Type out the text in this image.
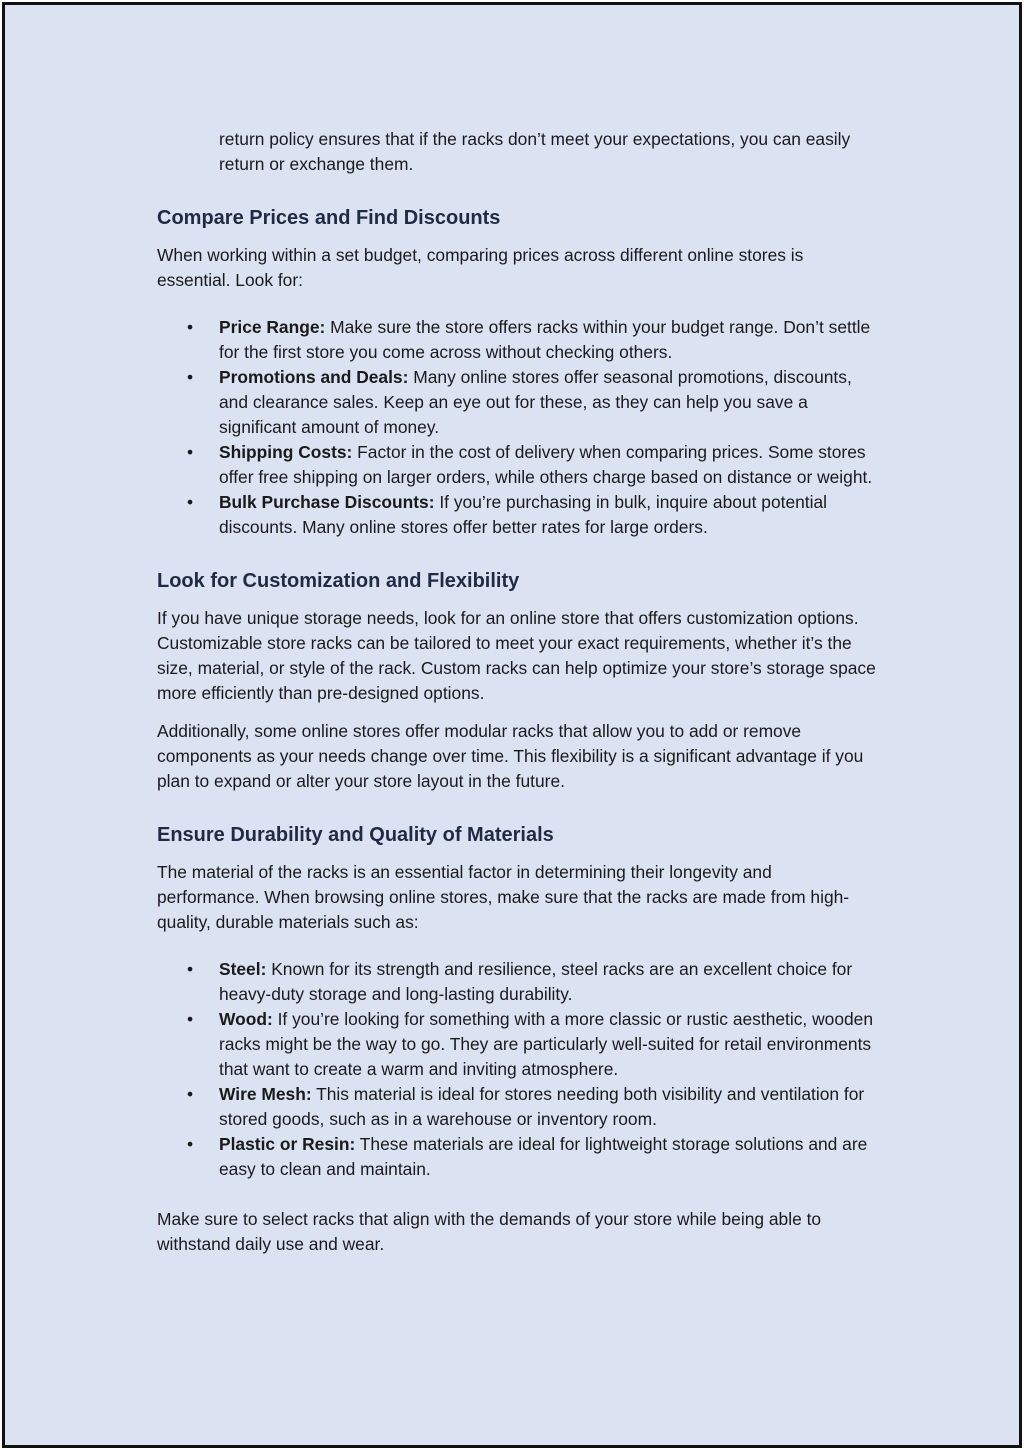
return policy ensures that if the racks don’t meet your expectations, you can easily return or exchange them.

Compare Prices and Find Discounts

When working within a set budget, comparing prices across different online stores is essential. Look for:

• Price Range: Make sure the store offers racks within your budget range. Don’t settle for the first store you come across without checking others.
• Promotions and Deals: Many online stores offer seasonal promotions, discounts, and clearance sales. Keep an eye out for these, as they can help you save a significant amount of money.
• Shipping Costs: Factor in the cost of delivery when comparing prices. Some stores offer free shipping on larger orders, while others charge based on distance or weight.
• Bulk Purchase Discounts: If you’re purchasing in bulk, inquire about potential discounts. Many online stores offer better rates for large orders.
Look for Customization and Flexibility

If you have unique storage needs, look for an online store that offers customization options. Customizable store racks can be tailored to meet your exact requirements, whether it’s the size, material, or style of the rack. Custom racks can help optimize your store’s storage space more efficiently than pre-designed options.

Additionally, some online stores offer modular racks that allow you to add or remove components as your needs change over time. This flexibility is a significant advantage if you plan to expand or alter your store layout in the future.

Ensure Durability and Quality of Materials

The material of the racks is an essential factor in determining their longevity and performance. When browsing online stores, make sure that the racks are made from high-quality, durable materials such as:

• Steel: Known for its strength and resilience, steel racks are an excellent choice for heavy-duty storage and long-lasting durability.
• Wood: If you’re looking for something with a more classic or rustic aesthetic, wooden racks might be the way to go. They are particularly well-suited for retail environments that want to create a warm and inviting atmosphere.
• Wire Mesh: This material is ideal for stores needing both visibility and ventilation for stored goods, such as in a warehouse or inventory room.
• Plastic or Resin: These materials are ideal for lightweight storage solutions and are easy to clean and maintain.

Make sure to select racks that align with the demands of your store while being able to withstand daily use and wear.
